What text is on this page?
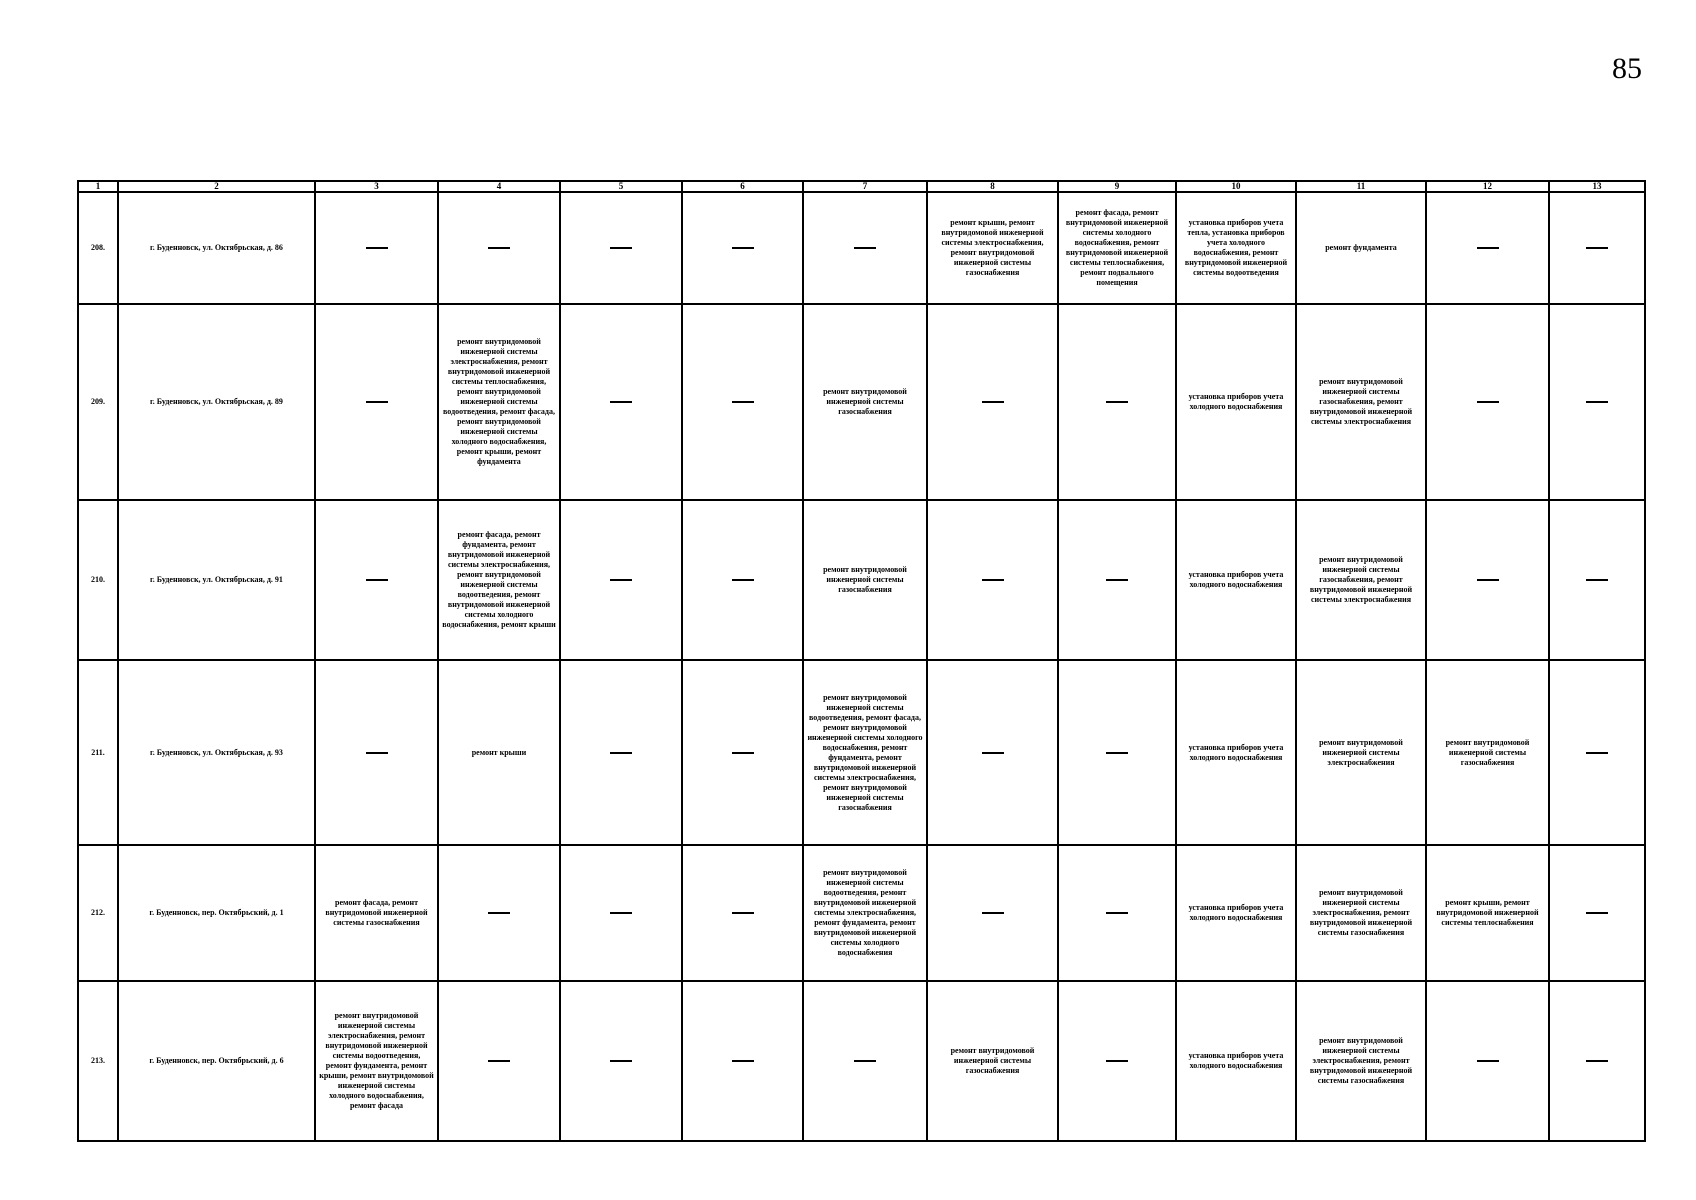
85
1	2	3	4	5	6	7	8	9	10	11	12	13
208.	г. Буденновск, ул. Октябрьская, д. 86						ремонт крыши, ремонт внутридомовой инженерной системы электроснабжения, ремонт внутридомовой инженерной системы газоснабжения	ремонт фасада, ремонт внутридомовой инженерной системы холодного водоснабжения, ремонт внутридомовой инженерной системы теплоснабжения, ремонт подвального помещения	установка приборов учета тепла, установка приборов учета холодного водоснабжения, ремонт внутридомовой инженерной системы водоотведения	ремонт фундамента		
209.	г. Буденновск, ул. Октябрьская, д. 89		ремонт внутридомовой инженерной системы электроснабжения, ремонт внутридомовой инженерной системы теплоснабжения, ремонт внутридомовой инженерной системы водоотведения, ремонт фасада, ремонт внутридомовой инженерной системы холодного водоснабжения, ремонт крыши, ремонт фундамента			ремонт внутридомовой инженерной системы газоснабжения			установка приборов учета холодного водоснабжения	ремонт внутридомовой инженерной системы газоснабжения, ремонт внутридомовой инженерной системы электроснабжения		
210.	г. Буденновск, ул. Октябрьская, д. 91		ремонт фасада, ремонт фундамента, ремонт внутридомовой инженерной системы электроснабжения, ремонт внутридомовой инженерной системы водоотведения, ремонт внутридомовой инженерной системы холодного водоснабжения, ремонт крыши			ремонт внутридомовой инженерной системы газоснабжения			установка приборов учета холодного водоснабжения	ремонт внутридомовой инженерной системы газоснабжения, ремонт внутридомовой инженерной системы электроснабжения		
211.	г. Буденновск, ул. Октябрьская, д. 93		ремонт крыши			ремонт внутридомовой инженерной системы водоотведения, ремонт фасада, ремонт внутридомовой инженерной системы холодного водоснабжения, ремонт фундамента, ремонт внутридомовой инженерной системы электроснабжения, ремонт внутридомовой инженерной системы газоснабжения			установка приборов учета холодного водоснабжения	ремонт внутридомовой инженерной системы электроснабжения	ремонт внутридомовой инженерной системы газоснабжения	
212.	г. Буденновск, пер. Октябрьский, д. 1	ремонт фасада, ремонт внутридомовой инженерной системы газоснабжения				ремонт внутридомовой инженерной системы водоотведения, ремонт внутридомовой инженерной системы электроснабжения, ремонт фундамента, ремонт внутридомовой инженерной системы холодного водоснабжения			установка приборов учета холодного водоснабжения	ремонт внутридомовой инженерной системы электроснабжения, ремонт внутридомовой инженерной системы газоснабжения	ремонт крыши, ремонт внутридомовой инженерной системы теплоснабжения	
213.	г. Буденновск, пер. Октябрьский, д. 6	ремонт внутридомовой инженерной системы электроснабжения, ремонт внутридомовой инженерной системы водоотведения, ремонт фундамента, ремонт крыши, ремонт внутридомовой инженерной системы холодного водоснабжения, ремонт фасада					ремонт внутридомовой инженерной системы газоснабжения		установка приборов учета холодного водоснабжения	ремонт внутридомовой инженерной системы электроснабжения, ремонт внутридомовой инженерной системы газоснабжения		
